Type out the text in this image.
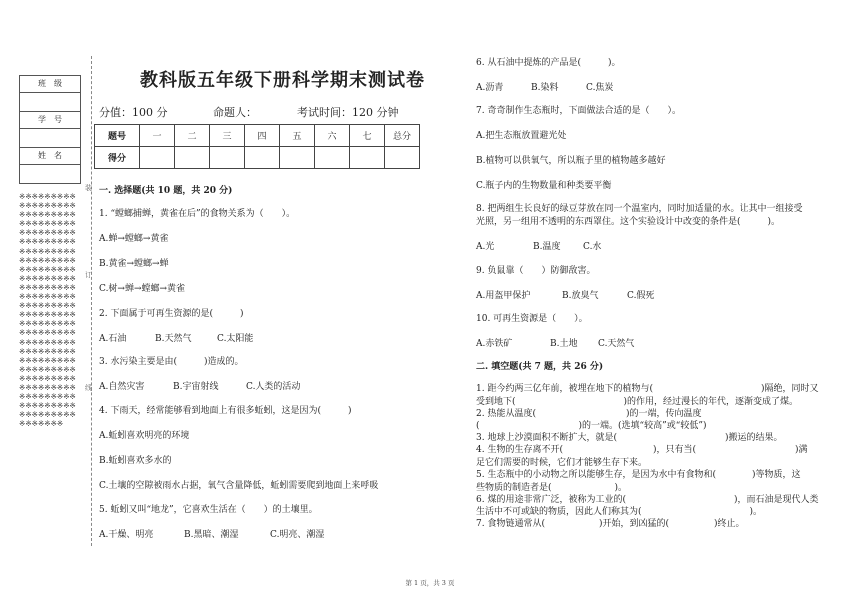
班　级
学　号
姓　名
※※※※※※※※※※※※※※※※※※※※※※※※※※※※※※※※※※※※※※※※※※※※※※※※※※※※※※※※※※※※※※※※※※※※※※※※※※※※※※※※※※※※※※※※※※※※※※※※※※※※※※※※※※※※※※※※※※※※※※※※※※※※※※※※※※※※※※※※※※※※※※※※※※※※※※※※※※※※※※※※※※※※※※※※※※※※※※※※※※※※※※※※※※※※※※※※※※※※※※※※※※※※※※※※※※※※※※※※※※※※※※※※※※※※※※※※
装
订
线
教科版五年级下册科学期末测试卷
分值：100 分	命题人：	考试时间：120 分钟
题号	一	二	三	四	五	六	七	总分
得分								
一. 选择题(共 10 题，共 20 分)
1. “螳螂捕蝉，黄雀在后”的食物关系为（　　）。
A.蝉→螳螂→黄雀
B.黄雀→螳螂→蝉
C.树→蝉→螳螂→黄雀
2. 下面属于可再生资源的是(　　　)
A.石油	B.天然气	C.太阳能
3. 水污染主要是由(　　　)造成的。
A.自然灾害	B.宇宙射线	C.人类的活动
4. 下雨天，经常能够看到地面上有很多蚯蚓，这是因为(　　　)
A.蚯蚓喜欢明亮的环境
B.蚯蚓喜欢多水的
C.土壤的空隙被雨水占据，氧气含量降低，蚯蚓需要爬到地面上来呼吸
5. 蚯蚓又叫“地龙”，它喜欢生活在（　　）的土壤里。
A.干燥、明亮	B.黑暗、潮湿	C.明亮、潮湿
6. 从石油中提炼的产品是(　　　)。
A.沥青	B.染料	C.焦炭
7. 奇奇制作生态瓶时，下面做法合适的是（　　）。
A.把生态瓶放置避光处
B.植物可以供氧气，所以瓶子里的植物越多越好
C.瓶子内的生物数量和种类要平衡
8. 把两组生长良好的绿豆芽放在同一个温室内，同时加适量的水。让其中一组接受
光照，另一组用不透明的东西罩住。这个实验设计中改变的条件是(　　　)。
A.光	B.温度	C.水
9. 负鼠靠（　　）防御敌害。
A.用盔甲保护	B.放臭气	C.假死
10. 可再生资源是（　　）。
A.赤铁矿	B.土地 C.天然气
二. 填空题(共 7 题，共 26 分)
1. 距今约两三亿年前，被埋在地下的植物与(　　　　　　　　　　　　)隔绝，同时又
受到地下(　　　　　　　　　　　　)的作用，经过漫长的年代，逐渐变成了煤。
2. 热能从温度(　　　　　　　　　　)的一端，传向温度
(　　　　　　　　　　　)的一端。(选填“较高”或“较低”)
3. 地球上沙漠面积不断扩大，就是(　　　　　　　　　　　　)搬运的结果。
4. 生物的生存离不开(　　　　　　　　　　)，只有当(　　　　　　　　　　　)满
足它们需要的时候，它们才能够生存下来。
5. 生态瓶中的小动物之所以能够生存，是因为水中有食物和(　　　　)等物质，这
些物质的制造者是(　　　　　　　)。
6. 煤的用途非常广泛，被称为工业的(　　　　　　　　　　　　)，而石油是现代人类
生活中不可或缺的物质，因此人们称其为(　　　　　　　　　　　　)。
7. 食物链通常从(　　　　　　)开始，到凶猛的(　　　　　)终止。
第 1 页，共 3 页
